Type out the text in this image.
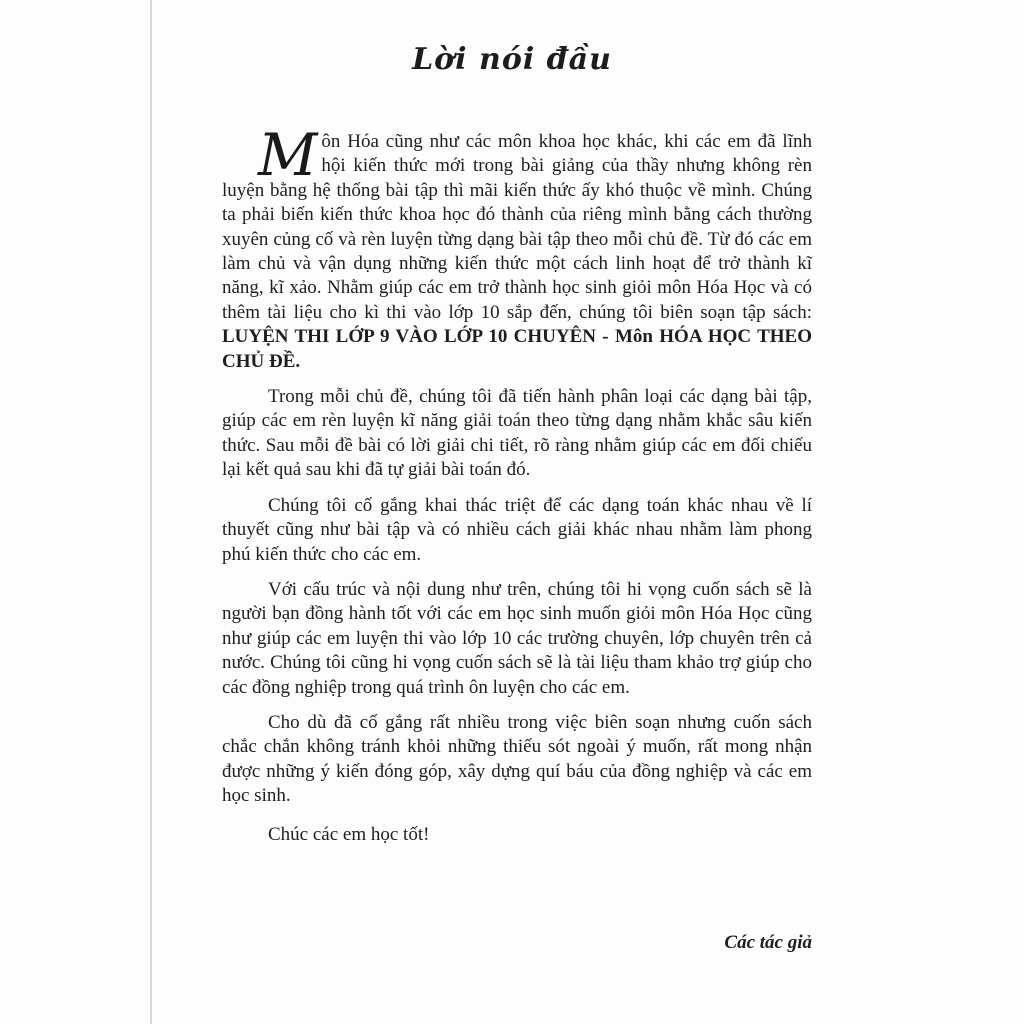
Lời nói đầu

Môn Hóa cũng như các môn khoa học khác, khi các em đã lĩnh hội kiến thức mới trong bài giảng của thầy nhưng không rèn luyện bằng hệ thống bài tập thì mãi kiến thức ấy khó thuộc về mình. Chúng ta phải biến kiến thức khoa học đó thành của riêng mình bằng cách thường xuyên củng cố và rèn luyện từng dạng bài tập theo mỗi chủ đề. Từ đó các em làm chủ và vận dụng những kiến thức một cách linh hoạt để trở thành kĩ năng, kĩ xảo. Nhằm giúp các em trở thành học sinh giỏi môn Hóa Học và có thêm tài liệu cho kì thi vào lớp 10 sắp đến, chúng tôi biên soạn tập sách: LUYỆN THI LỚP 9 VÀO LỚP 10 CHUYÊN - Môn HÓA HỌC THEO CHỦ ĐỀ.

Trong mỗi chủ đề, chúng tôi đã tiến hành phân loại các dạng bài tập, giúp các em rèn luyện kĩ năng giải toán theo từng dạng nhằm khắc sâu kiến thức. Sau mỗi đề bài có lời giải chi tiết, rõ ràng nhằm giúp các em đối chiếu lại kết quả sau khi đã tự giải bài toán đó.

Chúng tôi cố gắng khai thác triệt để các dạng toán khác nhau về lí thuyết cũng như bài tập và có nhiều cách giải khác nhau nhằm làm phong phú kiến thức cho các em.

Với cấu trúc và nội dung như trên, chúng tôi hi vọng cuốn sách sẽ là người bạn đồng hành tốt với các em học sinh muốn giỏi môn Hóa Học cũng như giúp các em luyện thi vào lớp 10 các trường chuyên, lớp chuyên trên cả nước. Chúng tôi cũng hi vọng cuốn sách sẽ là tài liệu tham khảo trợ giúp cho các đồng nghiệp trong quá trình ôn luyện cho các em.

Cho dù đã cố gắng rất nhiều trong việc biên soạn nhưng cuốn sách chắc chắn không tránh khỏi những thiếu sót ngoài ý muốn, rất mong nhận được những ý kiến đóng góp, xây dựng quí báu của đồng nghiệp và các em học sinh.

Chúc các em học tốt!

Các tác giả
